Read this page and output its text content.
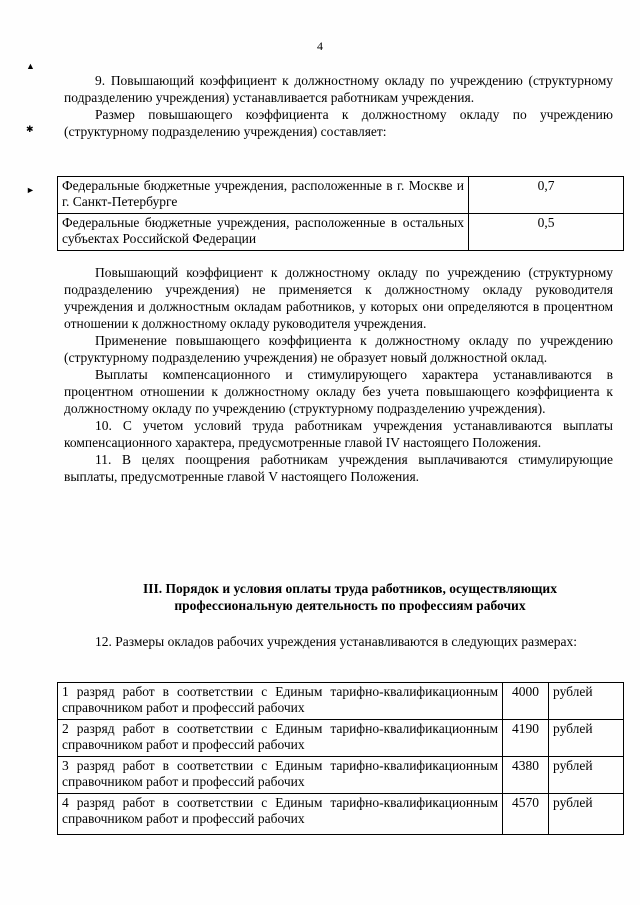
4
▲
✱
►

9. Повышающий коэффициент к должностному окладу по учреждению (структурному подразделению учреждения) устанавливается работникам учреждения.

Размер повышающего коэффициента к должностному окладу по учреждению (структурному подразделению учреждения) составляет:

Федеральные бюджетные учреждения, расположенные в г. Москве и г. Санкт-Петербурге	0,7
Федеральные бюджетные учреждения, расположенные в остальных субъектах Российской Федерации	0,5

Повышающий коэффициент к должностному окладу по учреждению (структурному подразделению учреждения) не применяется к должностному окладу руководителя учреждения и должностным окладам работников, у которых они определяются в процентном отношении к должностному окладу руководителя учреждения.

Применение повышающего коэффициента к должностному окладу по учреждению (структурному подразделению учреждения) не образует новый должностной оклад.

Выплаты компенсационного и стимулирующего характера устанавливаются в процентном отношении к должностному окладу без учета повышающего коэффициента к должностному окладу по учреждению (структурному подразделению учреждения).

10. С учетом условий труда работникам учреждения устанавливаются выплаты компенсационного характера, предусмотренные главой IV настоящего Положения.

11. В целях поощрения работникам учреждения выплачиваются стимулирующие выплаты, предусмотренные главой V настоящего Положения.

III. Порядок и условия оплаты труда работников, осуществляющих профессиональную деятельность по профессиям рабочих

12. Размеры окладов рабочих учреждения устанавливаются в следующих размерах:

1 разряд работ в соответствии с Единым тарифно-квалификационным справочником работ и профессий рабочих	4000	рублей
2 разряд работ в соответствии с Единым тарифно-квалификационным справочником работ и профессий рабочих	4190	рублей
3 разряд работ в соответствии с Единым тарифно-квалификационным справочником работ и профессий рабочих	4380	рублей
4 разряд работ в соответствии с Единым тарифно-квалификационным справочником работ и профессий рабочих	4570	рублей
